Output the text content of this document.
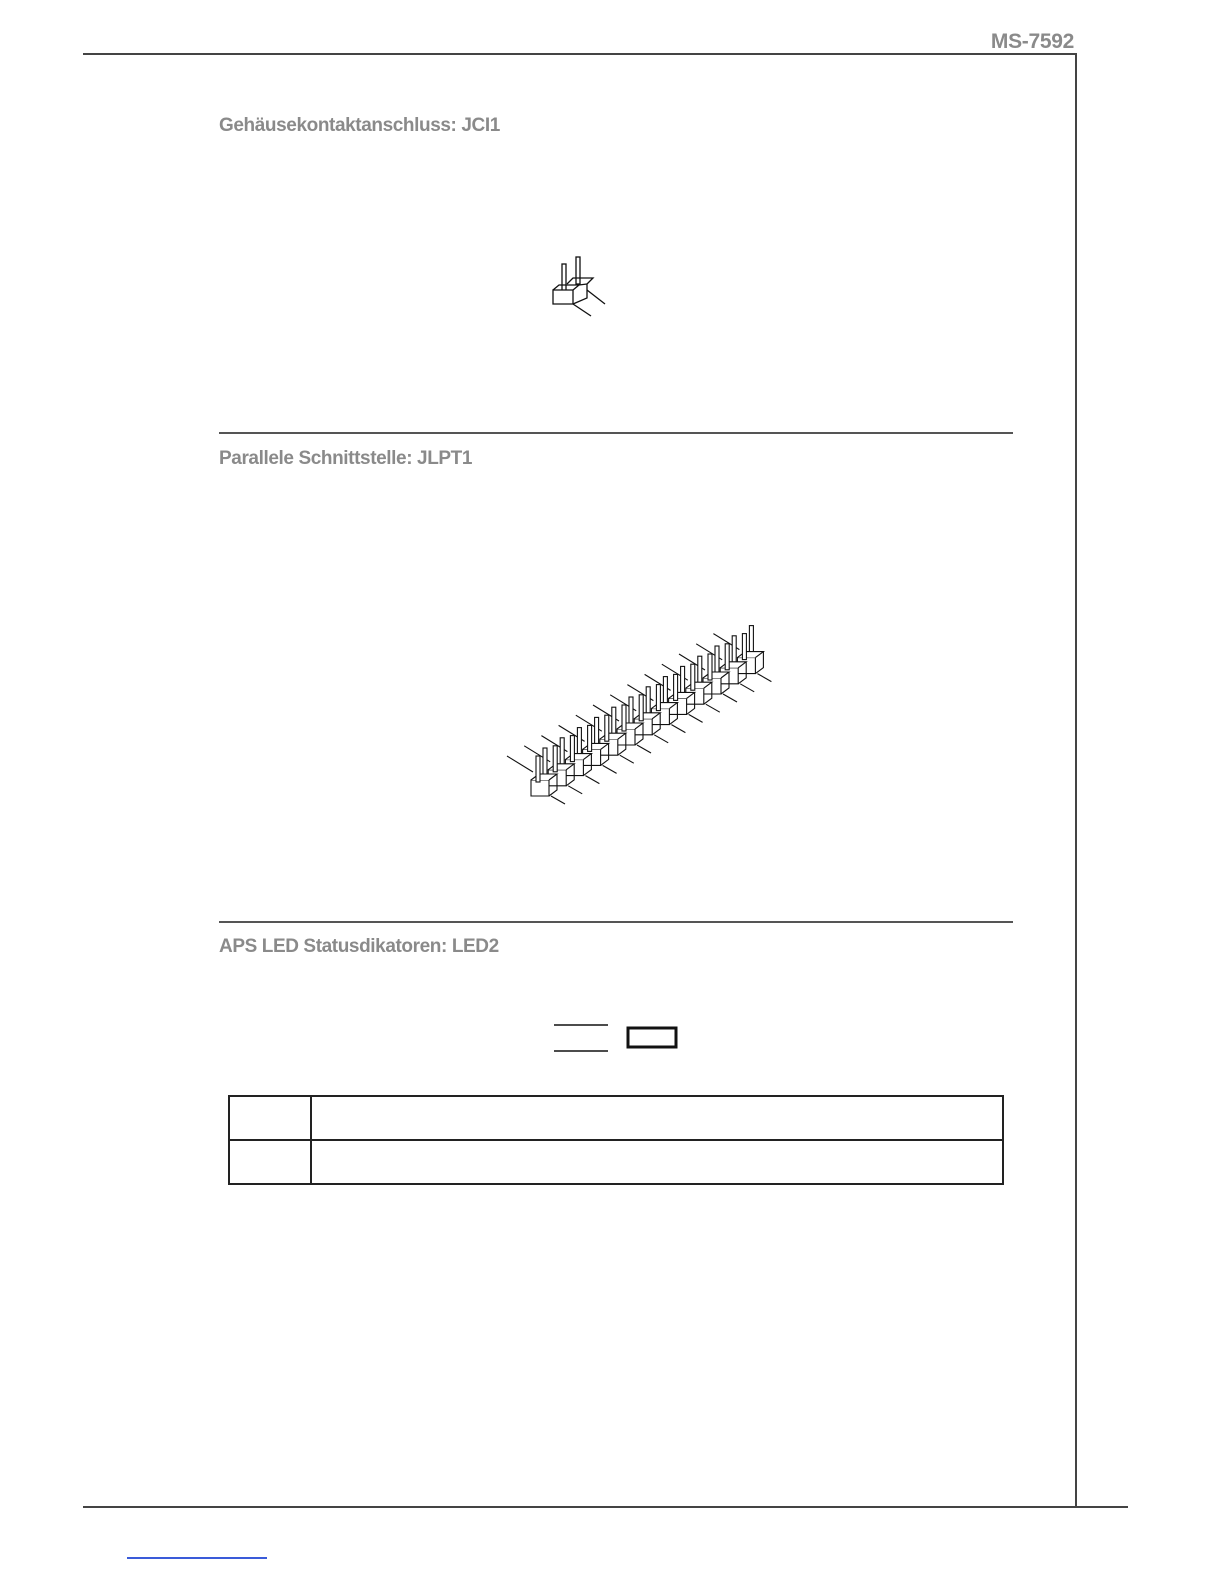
MS-7592
Gehäusekontaktanschluss: JCI1
Parallele Schnittstelle: JLPT1
APS LED Statusdikatoren: LED2
